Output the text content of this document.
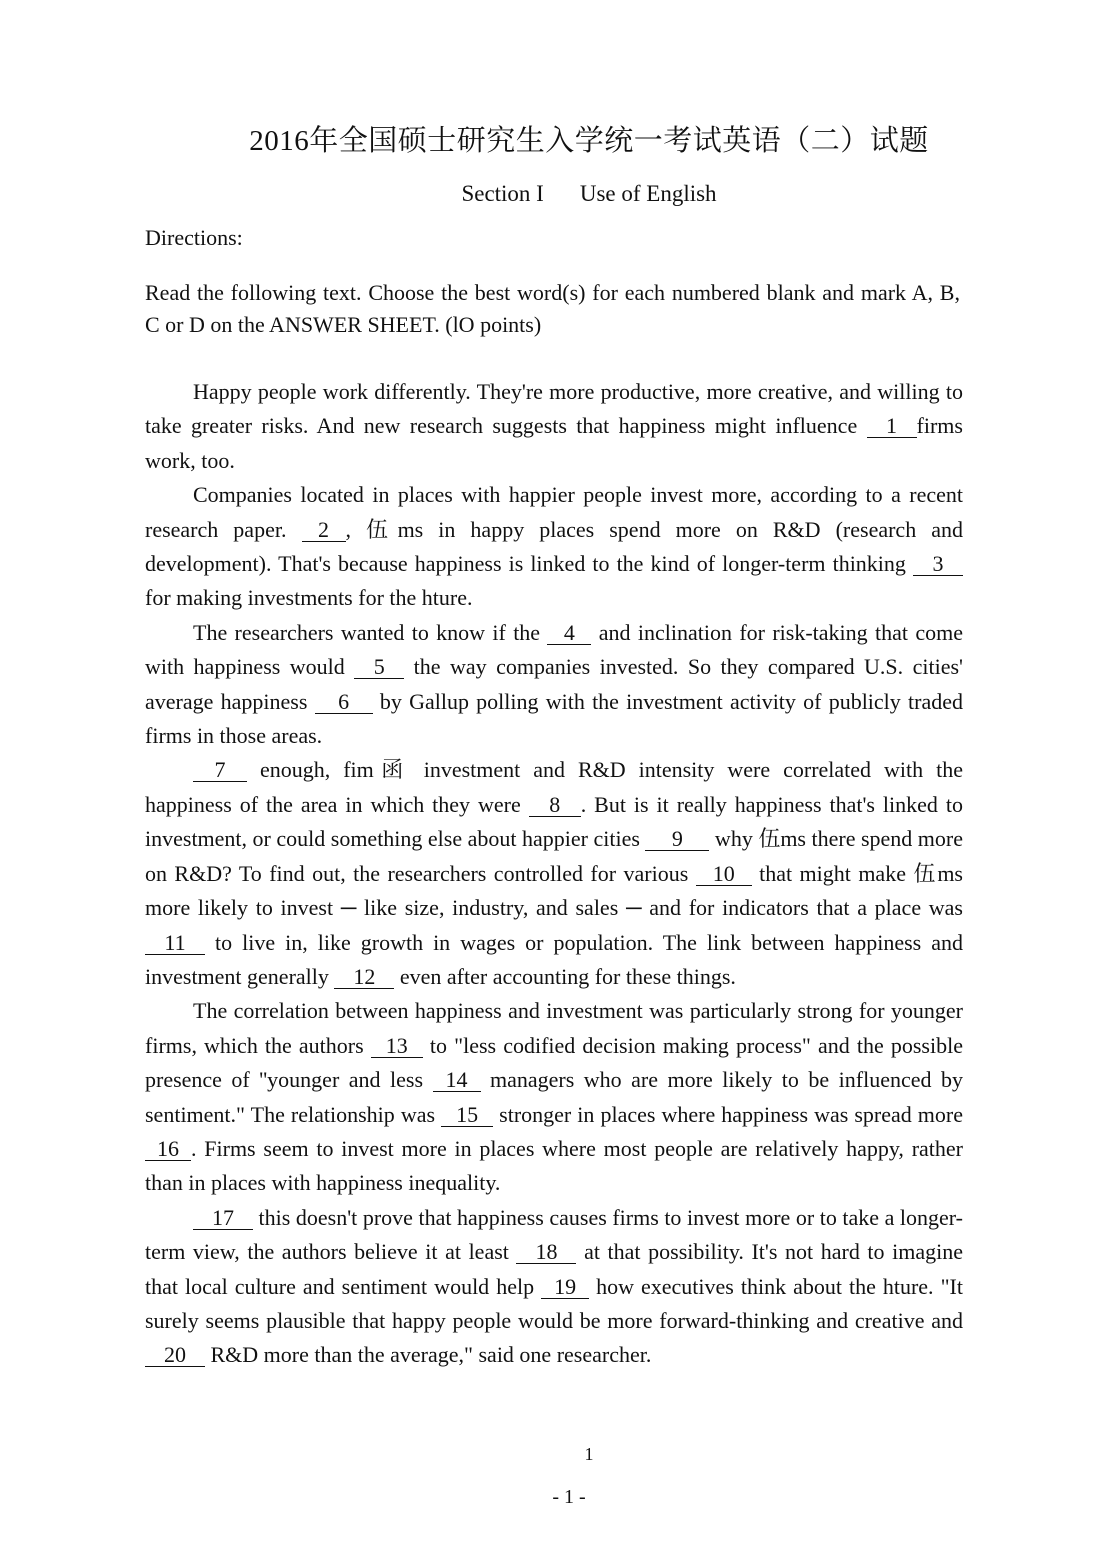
2016年全国硕士研究生入学统一考试英语（二）试题
Section I Use of English
Directions:
Read the following text. Choose the best word(s) for each numbered blank and mark A, B, C or D on the ANSWER SHEET. (lO points)

Happy people work differently. They're more productive, more creative, and willing to take greater risks. And new research suggests that happiness might influence 1 firms work, too.

Companies located in places with happier people invest more, according to a recent research paper. 2 , 伍ms in happy places spend more on R&D (research and development). That's because happiness is linked to the kind of longer-term thinking 3 for making investments for the hture.

The researchers wanted to know if the 4 and inclination for risk-taking that come with happiness would 5 the way companies invested. So they compared U.S. cities' average happiness 6 by Gallup polling with the investment activity of publicly traded firms in those areas.

7 enough, fim函 investment and R&D intensity were correlated with the happiness of the area in which they were 8 . But is it really happiness that's linked to investment, or could something else about happier cities 9 why 伍ms there spend more on R&D? To find out, the researchers controlled for various 10 that might make 伍ms more likely to invest ─ like size, industry, and sales ─ and for indicators that a place was 11 to live in, like growth in wages or population. The link between happiness and investment generally 12 even after accounting for these things.

The correlation between happiness and investment was particularly strong for younger firms, which the authors 13 to "less codified decision making process" and the possible presence of ''younger and less 14 managers who are more likely to be influenced by sentiment." The relationship was 15 stronger in places where happiness was spread more 16 . Firms seem to invest more in places where most people are relatively happy, rather than in places with happiness inequality.

17 this doesn't prove that happiness causes firms to invest more or to take a longer-term view, the authors believe it at least 18 at that possibility. It's not hard to imagine that local culture and sentiment would help 19 how executives think about the hture. "It surely seems plausible that happy people would be more forward-thinking and creative and 20 R&D more than the average," said one researcher.

1
- 1 -
